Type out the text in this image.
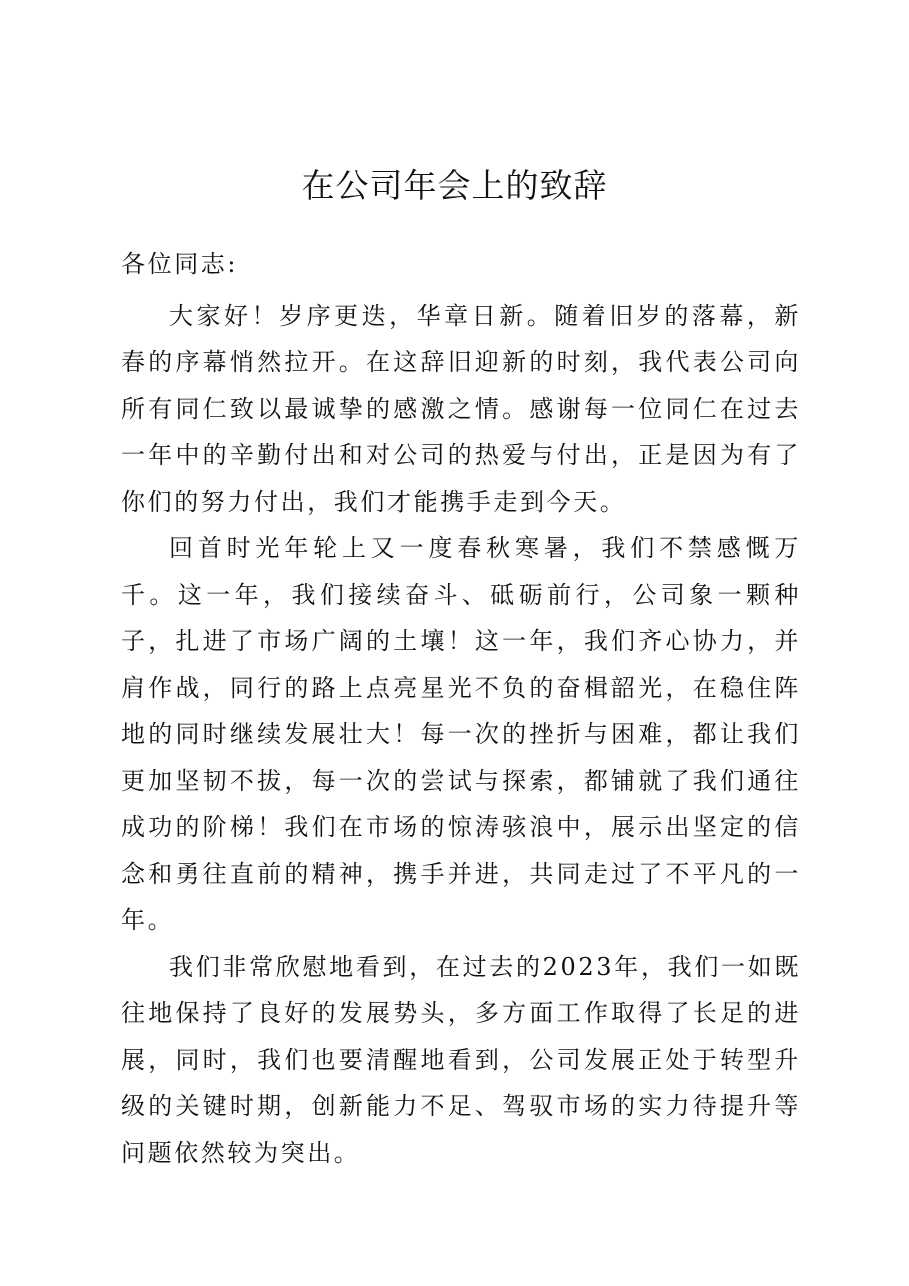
在公司年会上的致辞

各位同志:

大家好！岁序更迭，华章日新。随着旧岁的落幕，新春的序幕悄然拉开。在这辞旧迎新的时刻，我代表公司向所有同仁致以最诚挚的感激之情。感谢每一位同仁在过去一年中的辛勤付出和对公司的热爱与付出，正是因为有了你们的努力付出，我们才能携手走到今天。

回首时光年轮上又一度春秋寒暑，我们不禁感慨万千。这一年，我们接续奋斗、砥砺前行，公司象一颗种子，扎进了市场广阔的土壤！这一年，我们齐心协力，并肩作战，同行的路上点亮星光不负的奋楫韶光，在稳住阵地的同时继续发展壮大！每一次的挫折与困难，都让我们更加坚韧不拔，每一次的尝试与探索，都铺就了我们通往成功的阶梯！我们在市场的惊涛骇浪中，展示出坚定的信念和勇往直前的精神，携手并进，共同走过了不平凡的一年。

我们非常欣慰地看到，在过去的2023年，我们一如既往地保持了良好的发展势头，多方面工作取得了长足的进展，同时，我们也要清醒地看到，公司发展正处于转型升级的关键时期，创新能力不足、驾驭市场的实力待提升等问题依然较为突出。
